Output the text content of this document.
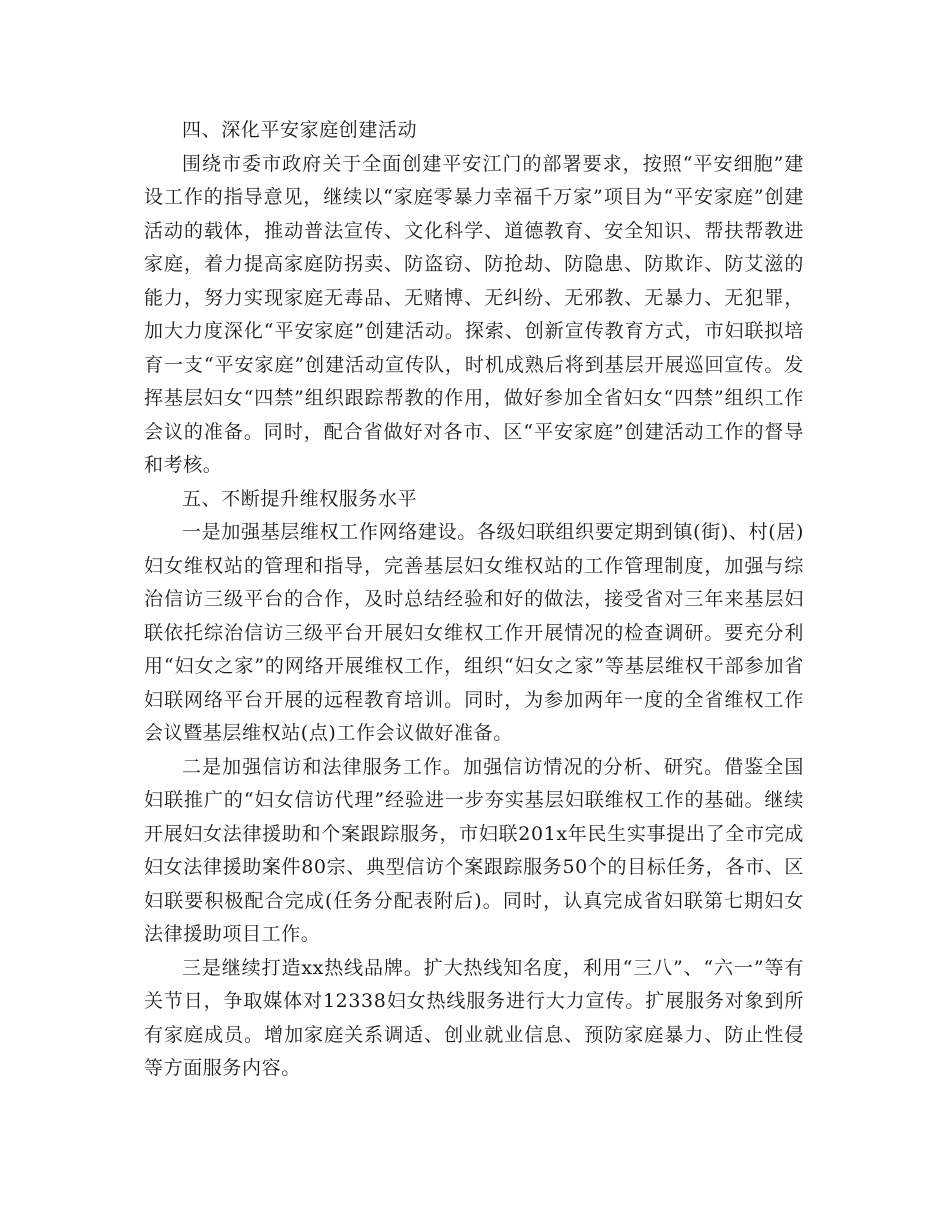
四、深化平安家庭创建活动

围绕市委市政府关于全面创建平安江门的部署要求，按照“平安细胞”建设工作的指导意见，继续以“家庭零暴力幸福千万家”项目为“平安家庭”创建活动的载体，推动普法宣传、文化科学、道德教育、安全知识、帮扶帮教进家庭，着力提高家庭防拐卖、防盗窃、防抢劫、防隐患、防欺诈、防艾滋的能力，努力实现家庭无毒品、无赌博、无纠纷、无邪教、无暴力、无犯罪，加大力度深化“平安家庭”创建活动。探索、创新宣传教育方式，市妇联拟培育一支“平安家庭”创建活动宣传队，时机成熟后将到基层开展巡回宣传。发挥基层妇女“四禁”组织跟踪帮教的作用，做好参加全省妇女“四禁”组织工作会议的准备。同时，配合省做好对各市、区“平安家庭”创建活动工作的督导和考核。

五、不断提升维权服务水平

一是加强基层维权工作网络建设。各级妇联组织要定期到镇(街)、村(居)妇女维权站的管理和指导，完善基层妇女维权站的工作管理制度，加强与综治信访三级平台的合作，及时总结经验和好的做法，接受省对三年来基层妇联依托综治信访三级平台开展妇女维权工作开展情况的检查调研。要充分利用“妇女之家”的网络开展维权工作，组织“妇女之家”等基层维权干部参加省妇联网络平台开展的远程教育培训。同时，为参加两年一度的全省维权工作会议暨基层维权站(点)工作会议做好准备。

二是加强信访和法律服务工作。加强信访情况的分析、研究。借鉴全国妇联推广的“妇女信访代理”经验进一步夯实基层妇联维权工作的基础。继续开展妇女法律援助和个案跟踪服务，市妇联201x年民生实事提出了全市完成妇女法律援助案件80宗、典型信访个案跟踪服务50个的目标任务，各市、区妇联要积极配合完成(任务分配表附后)。同时，认真完成省妇联第七期妇女法律援助项目工作。

三是继续打造xx热线品牌。扩大热线知名度，利用“三八”、“六一”等有关节日，争取媒体对12338妇女热线服务进行大力宣传。扩展服务对象到所有家庭成员。增加家庭关系调适、创业就业信息、预防家庭暴力、防止性侵等方面服务内容。
